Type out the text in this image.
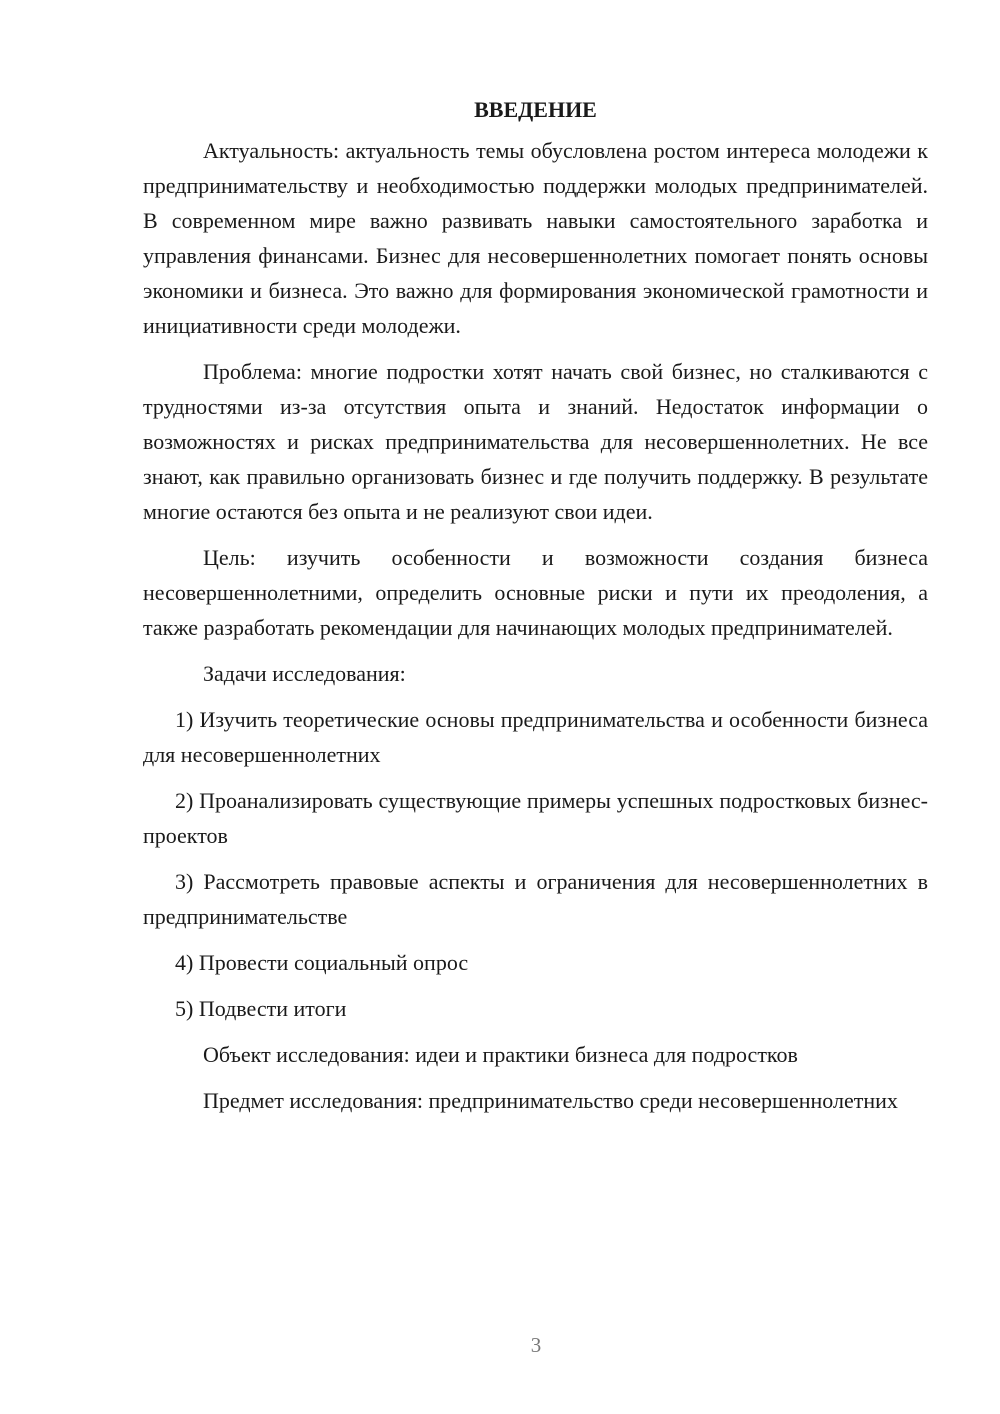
ВВЕДЕНИЕ

Актуальность: актуальность темы обусловлена ростом интереса молодежи к предпринимательству и необходимостью поддержки молодых предпринимателей. В современном мире важно развивать навыки самостоятельного заработка и управления финансами. Бизнес для несовершеннолетних помогает понять основы экономики и бизнеса. Это важно для формирования экономической грамотности и инициативности среди молодежи.

Проблема: многие подростки хотят начать свой бизнес, но сталкиваются с трудностями из-за отсутствия опыта и знаний. Недостаток информации о возможностях и рисках предпринимательства для несовершеннолетних. Не все знают, как правильно организовать бизнес и где получить поддержку. В результате многие остаются без опыта и не реализуют свои идеи.

Цель: изучить особенности и возможности создания бизнеса несовершеннолетними, определить основные риски и пути их преодоления, а также разработать рекомендации для начинающих молодых предпринимателей.

Задачи исследования:

1) Изучить теоретические основы предпринимательства и особенности бизнеса для несовершеннолетних

2) Проанализировать существующие примеры успешных подростковых бизнес-проектов

3) Рассмотреть правовые аспекты и ограничения для несовершеннолетних в предпринимательстве

4) Провести социальный опрос

5) Подвести итоги

Объект исследования: идеи и практики бизнеса для подростков

Предмет исследования: предпринимательство среди несовершеннолетних

3
